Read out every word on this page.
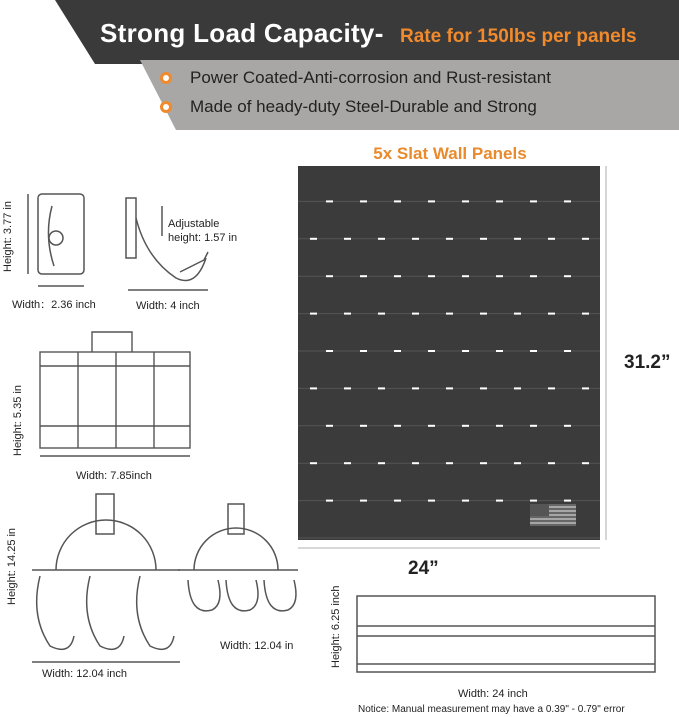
Strong Load Capacity- Rate for 150lbs per panels
Power Coated-Anti-corrosion and Rust-resistant
Made of heady-duty Steel-Durable and Strong
5x Slat Wall Panels
31.2”
24”
Height: 3.77 in
Width：2.36 inch
Adjustable
height: 1.57 in
Width: 4 inch
Height: 5.35 in
Width: 7.85inch
Height: 14.25 in
Width: 12.04 inch
Width: 12.04 in	Height: 6.25 inch
Width: 24 inch
Notice: Manual measurement may have a 0.39" - 0.79" error
